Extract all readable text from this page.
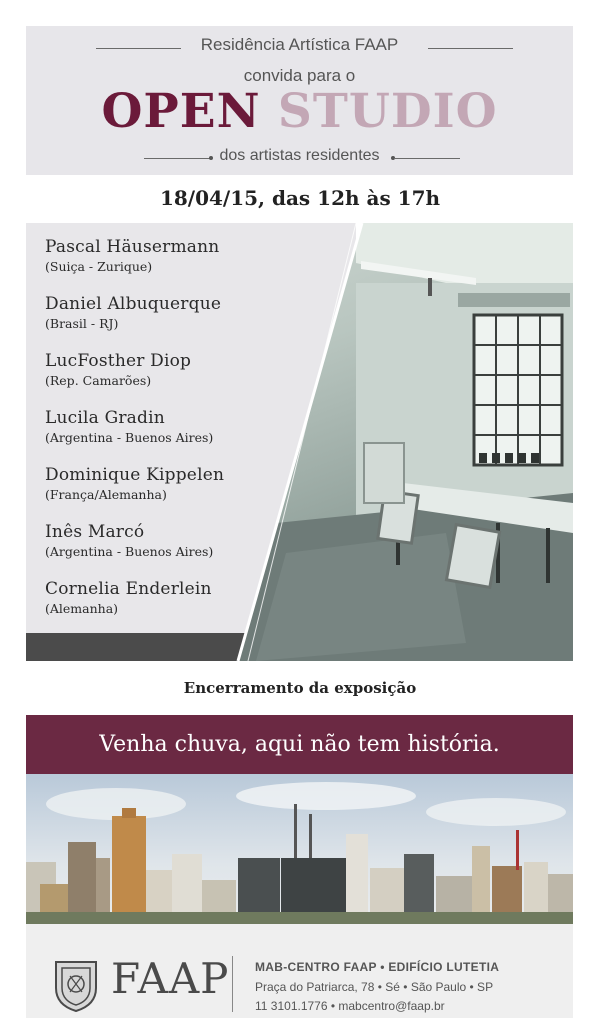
Residência Artística FAAP
convida para o
OPEN STUDIO
dos artistas residentes
18/04/15, das 12h às 17h
Pascal Häusermann
(Suiça - Zurique)
Daniel Albuquerque
(Brasil - RJ)
LucFosther Diop
(Rep. Camarões)
Lucila Gradin
(Argentina - Buenos Aires)
Dominique Kippelen
(França/Alemanha)
Inês Marcó
(Argentina - Buenos Aires)
Cornelia Enderlein
(Alemanha)
Encerramento da exposição
Venha chuva, aqui não tem história.
FAAP MAB-CENTRO FAAP • EDIFÍCIO LUTETIA
Praça do Patriarca, 78 • Sé • São Paulo • SP
11 3101.1776 • mabcentro@faap.br
